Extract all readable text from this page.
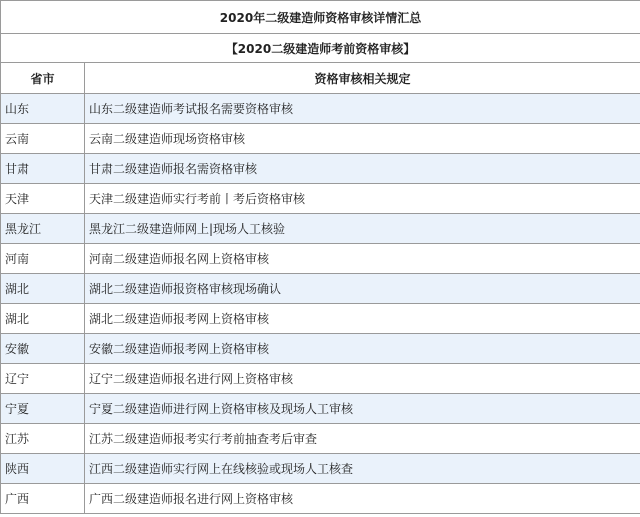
2020年二级建造师资格审核详情汇总	
【2020二级建造师考前资格审核】	
省市	资格审核相关规定
山东	山东二级建造师考试报名需要资格审核
云南	云南二级建造师现场资格审核
甘肃	甘肃二级建造师报名需资格审核
天津	天津二级建造师实行考前丨考后资格审核
黑龙江	黑龙江二级建造师网上|现场人工核验
河南	河南二级建造师报名网上资格审核
湖北	湖北二级建造师报资格审核现场确认
湖北	湖北二级建造师报考网上资格审核
安徽	安徽二级建造师报考网上资格审核
辽宁	辽宁二级建造师报名进行网上资格审核
宁夏	宁夏二级建造师进行网上资格审核及现场人工审核
江苏	江苏二级建造师报考实行考前抽查考后审查
陕西	江西二级建造师实行网上在线核验或现场人工核查
广西	广西二级建造师报名进行网上资格审核
